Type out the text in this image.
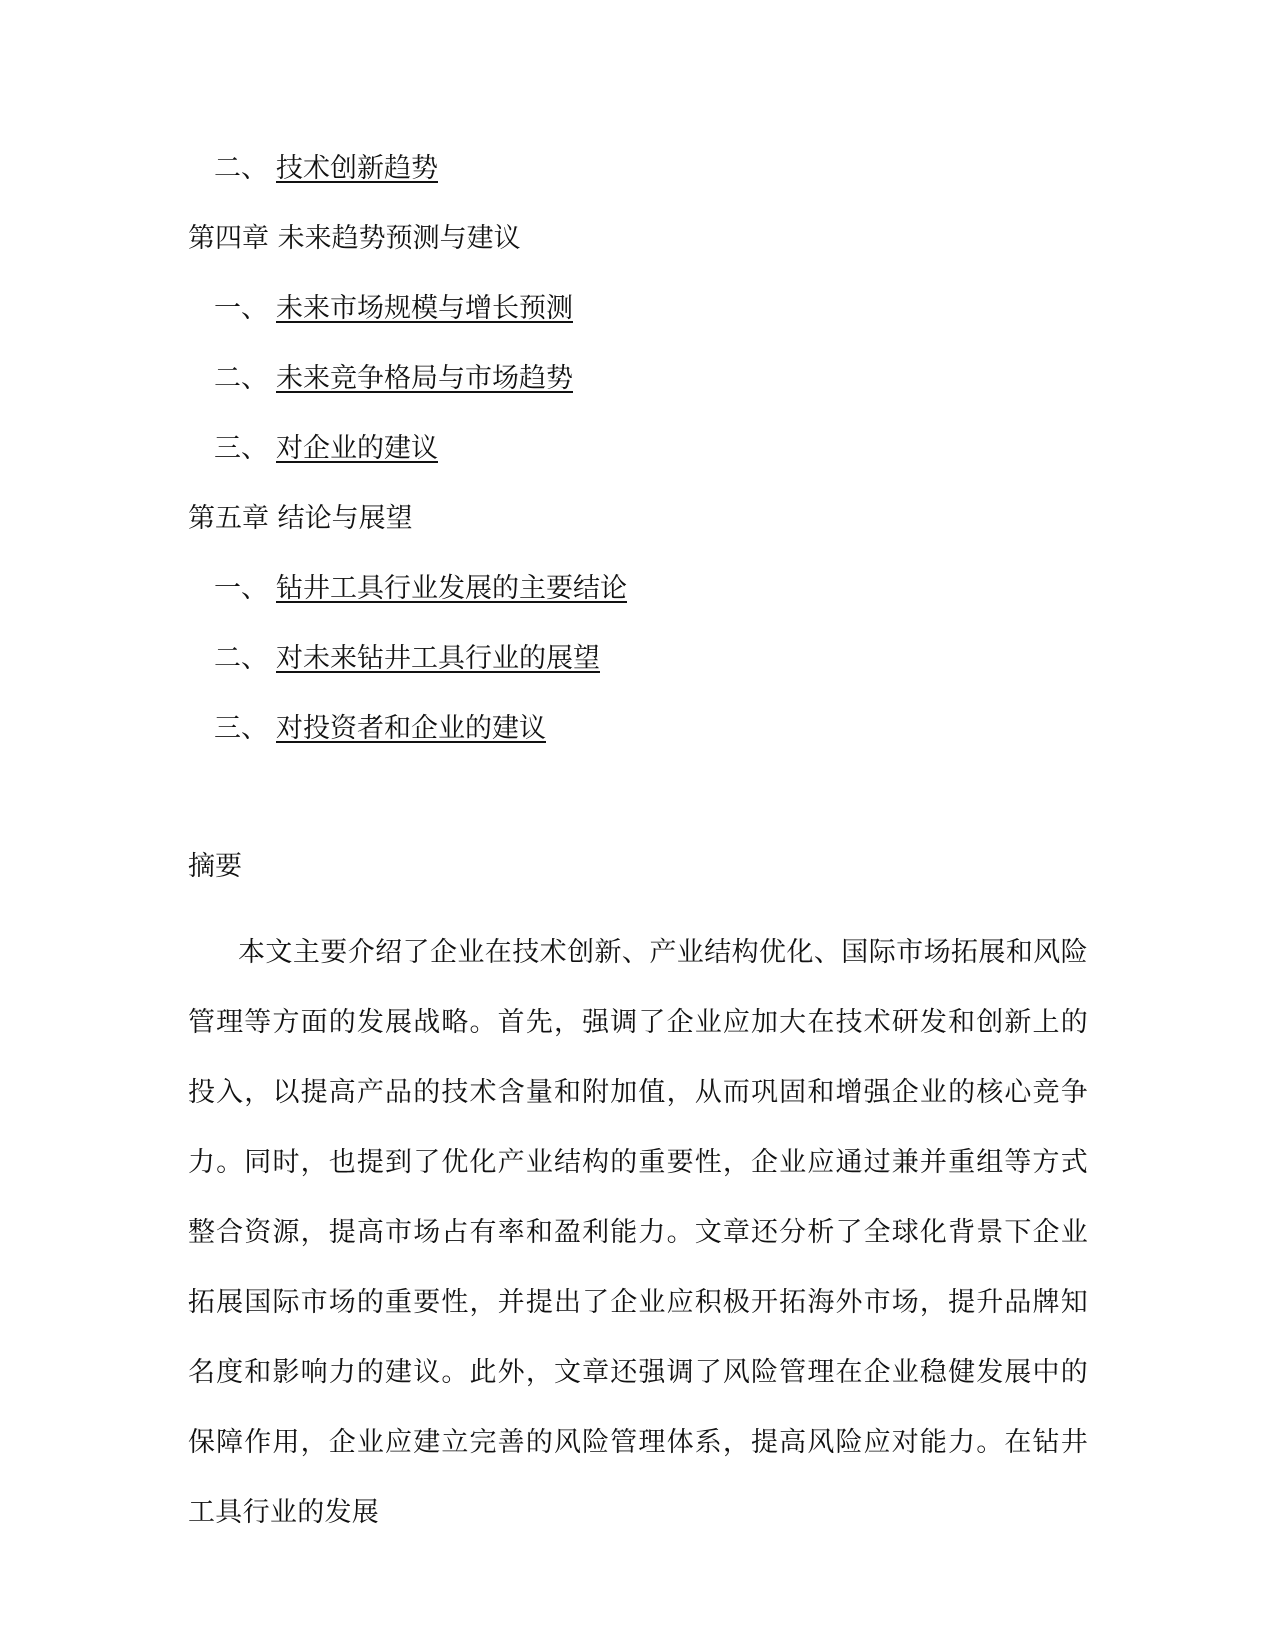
二、 技术创新趋势
第四章 未来趋势预测与建议
一、 未来市场规模与增长预测
二、 未来竞争格局与市场趋势
三、 对企业的建议
第五章 结论与展望
一、 钻井工具行业发展的主要结论
二、 对未来钻井工具行业的展望
三、 对投资者和企业的建议
摘要

本文主要介绍了企业在技术创新、产业结构优化、国际市场拓展和风险管理等方面的发展战略。首先，强调了企业应加大在技术研发和创新上的投入，以提高产品的技术含量和附加值，从而巩固和增强企业的核心竞争力。同时，也提到了优化产业结构的重要性，企业应通过兼并重组等方式整合资源，提高市场占有率和盈利能力。文章还分析了全球化背景下企业拓展国际市场的重要性，并提出了企业应积极开拓海外市场，提升品牌知名度和影响力的建议。此外，文章还强调了风险管理在企业稳健发展中的保障作用，企业应建立完善的风险管理体系，提高风险应对能力。在钻井工具行业的发展
